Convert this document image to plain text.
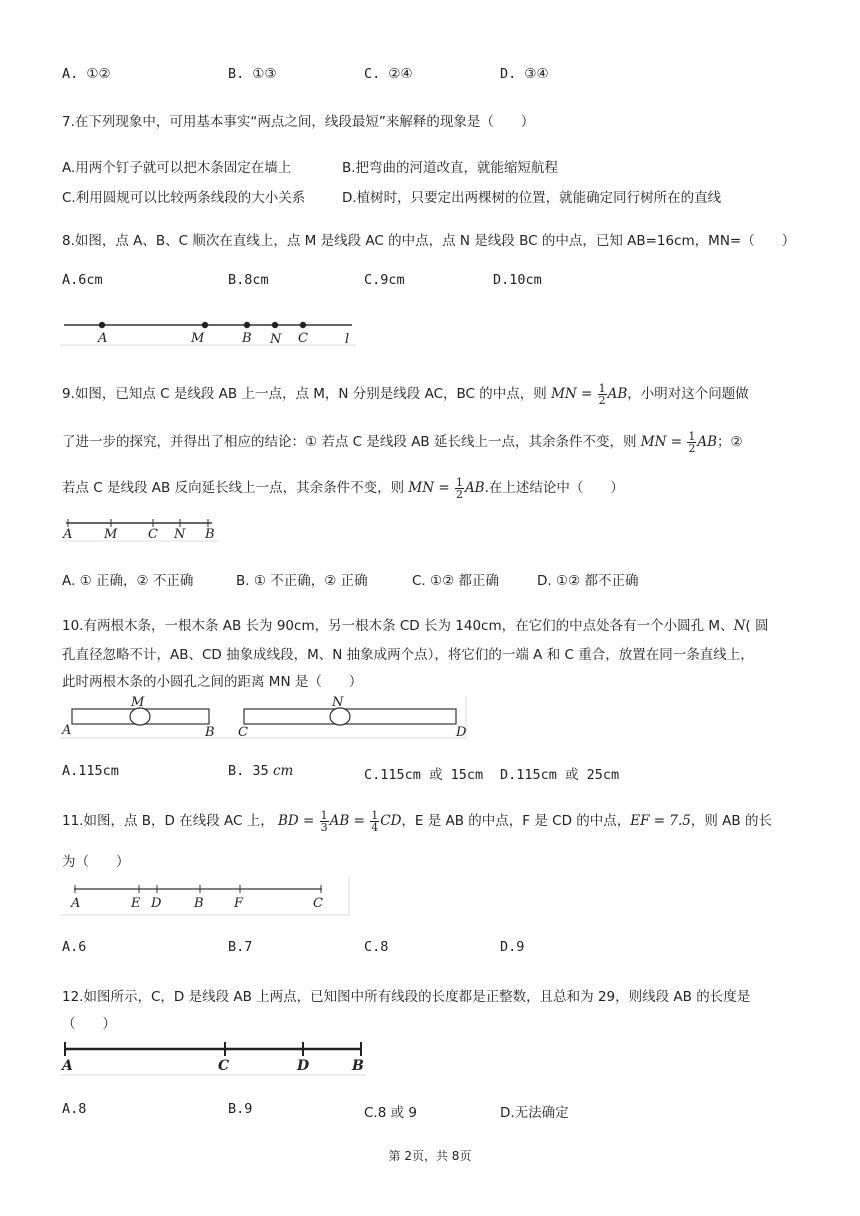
A. ①②	B. ①③	C. ②④	D. ③④
7.在下列现象中，可用基本事实“两点之间，线段最短”来解释的现象是（　　）
A.用两个钉子就可以把木条固定在墙上	B.把弯曲的河道改直，就能缩短航程
C.利用圆规可以比较两条线段的大小关系	D.植树时，只要定出两棵树的位置，就能确定同行树所在的直线
8.如图，点 A、B、C 顺次在直线上，点 M 是线段 AC 的中点，点 N 是线段 BC 的中点，已知 AB=16cm，MN=（　　）
A.6cm	B.8cm	C.9cm	D.10cm
A	M	B N C	l
9.如图，已知点 C 是线段 AB 上一点，点 M，N 分别是线段 AC，BC 的中点，则 MN = $\frac{1}{2}$ AB，小明对这个问题做
了进一步的探究，并得出了相应的结论：① 若点 C 是线段 AB 延长线上一点，其余条件不变，则 MN = $\frac{1}{2}$ AB；②
若点 C 是线段 AB 反向延长线上一点，其余条件不变，则 MN = $\frac{1}{2}$ AB.在上述结论中（　　）
A M C N B
A. ① 正确，② 不正确	B. ① 不正确，② 正确	C. ①② 都正确	D. ①② 都不正确
10.有两根木条，一根木条 AB 长为 90cm，另一根木条 CD 长为 140cm，在它们的中点处各有一个小圆孔 M、N( 圆
孔直径忽略不计，AB、CD 抽象成线段，M、N 抽象成两个点），将它们的一端 A 和 C 重合，放置在同一条直线上，
此时两根木条的小圆孔之间的距离 MN 是（　　）
M
A	B
N
C	D
A.115cm	B. 35 cm	C.115cm 或 15cm D.115cm 或 25cm
11.如图，点 B，D 在线段 AC 上， BD = $\frac{1}{3}$ AB = $\frac{1}{4}$ CD，E 是 AB 的中点，F 是 CD 的中点，EF = 7.5，则 AB 的长
为（　　）
A	E D	B F	C
A.6	B.7	C.8	D.9
12.如图所示，C，D 是线段 AB 上两点，已知图中所有线段的长度都是正整数，且总和为 29，则线段 AB 的长度是
（　　）
A	C	D	B
A.8	B.9	C.8 或 9	D.无法确定
第 2页，共 8页
